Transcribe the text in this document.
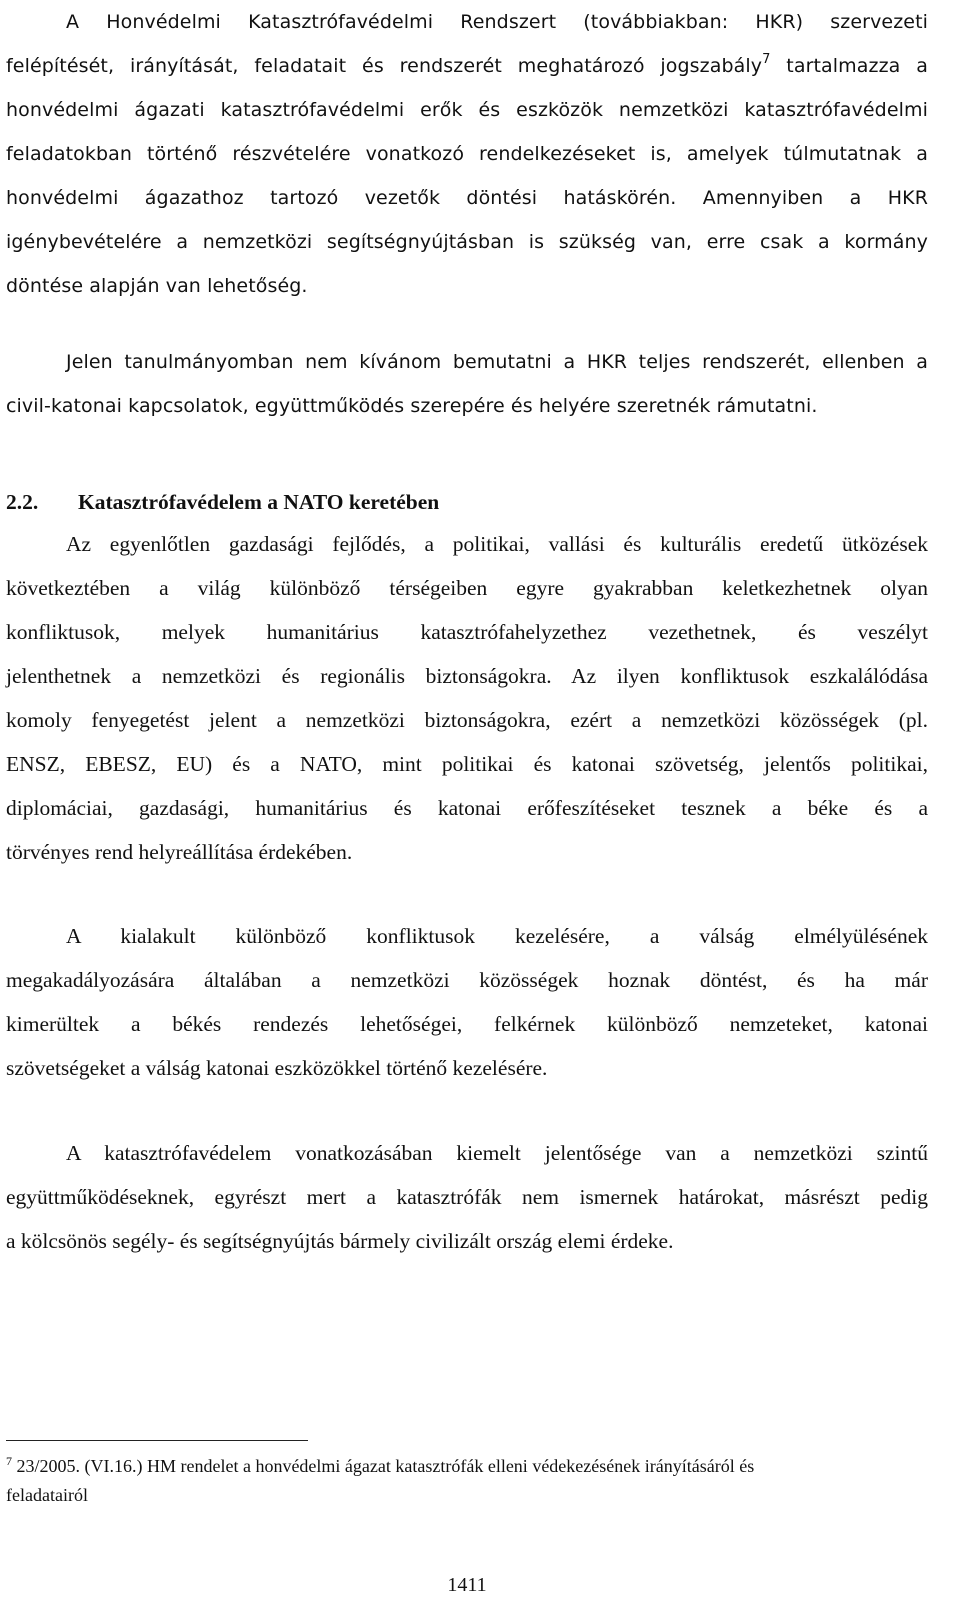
A Honvédelmi Katasztrófavédelmi Rendszert (továbbiakban: HKR) szervezeti
felépítését, irányítását, feladatait és rendszerét meghatározó jogszabály$^7$ tartalmazza a
honvédelmi ágazati katasztrófavédelmi erők és eszközök nemzetközi katasztrófavédelmi
feladatokban történő részvételére vonatkozó rendelkezéseket is, amelyek túlmutatnak a
honvédelmi ágazathoz tartozó vezetők döntési hatáskörén. Amennyiben a HKR
igénybevételére a nemzetközi segítségnyújtásban is szükség van, erre csak a kormány
döntése alapján van lehetőség.
Jelen tanulmányomban nem kívánom bemutatni a HKR teljes rendszerét, ellenben a
civil-katonai kapcsolatok, együttműködés szerepére és helyére szeretnék rámutatni.
2.2. Katasztrófavédelem a NATO keretében
Az egyenlőtlen gazdasági fejlődés, a politikai, vallási és kulturális eredetű ütközések
következtében a világ különböző térségeiben egyre gyakrabban keletkezhetnek olyan
konfliktusok, melyek humanitárius katasztrófahelyzethez vezethetnek, és veszélyt
jelenthetnek a nemzetközi és regionális biztonságokra. Az ilyen konfliktusok eszkalálódása
komoly fenyegetést jelent a nemzetközi biztonságokra, ezért a nemzetközi közösségek (pl.
ENSZ, EBESZ, EU) és a NATO, mint politikai és katonai szövetség, jelentős politikai,
diplomáciai, gazdasági, humanitárius és katonai erőfeszítéseket tesznek a béke és a
törvényes rend helyreállítása érdekében.
A kialakult különböző konfliktusok kezelésére, a válság elmélyülésének
megakadályozására általában a nemzetközi közösségek hoznak döntést, és ha már
kimerültek a békés rendezés lehetőségei, felkérnek különböző nemzeteket, katonai
szövetségeket a válság katonai eszközökkel történő kezelésére.
A katasztrófavédelem vonatkozásában kiemelt jelentősége van a nemzetközi szintű
együttműködéseknek, egyrészt mert a katasztrófák nem ismernek határokat, másrészt pedig
a kölcsönös segély- és segítségnyújtás bármely civilizált ország elemi érdeke.
$^7$ 23/2005. (VI.16.) HM rendelet a honvédelmi ágazat katasztrófák elleni védekezésének irányításáról és
feladatairól
1411
